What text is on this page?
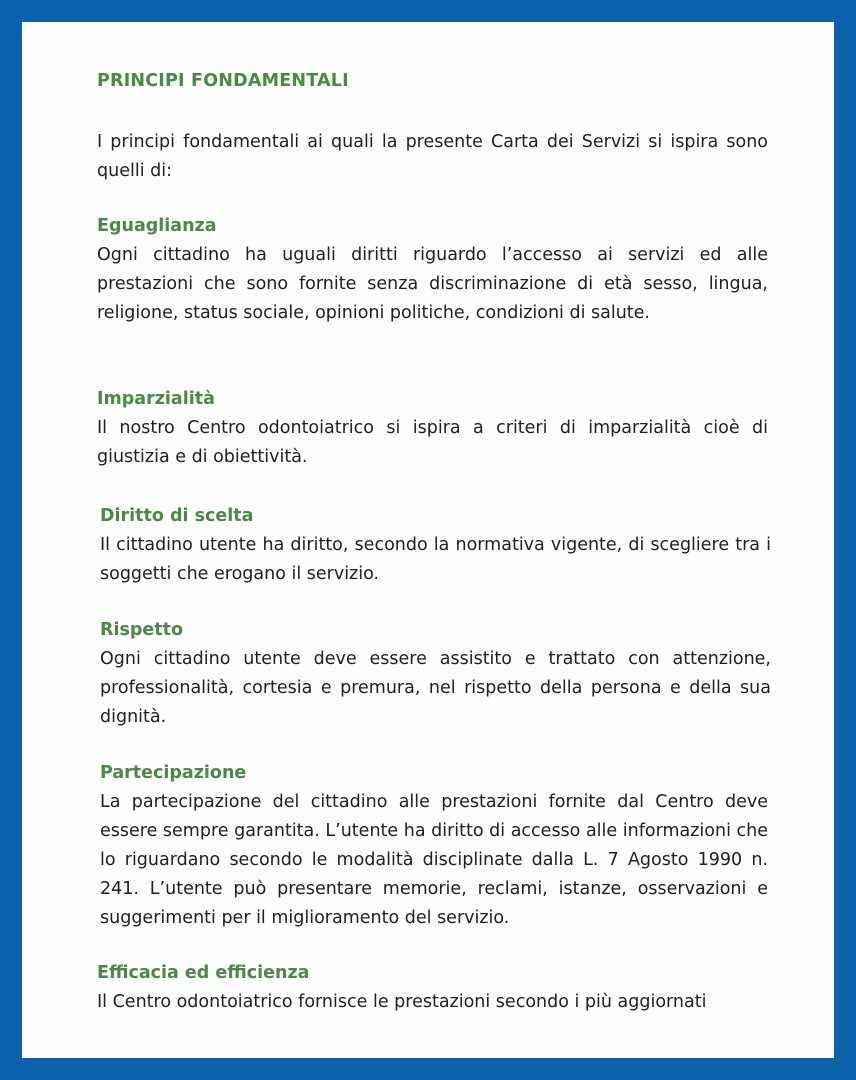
PRINCIPI FONDAMENTALI

I principi fondamentali ai quali la presente Carta dei Servizi si ispira sono quelli di:

Eguaglianza

Ogni cittadino ha uguali diritti riguardo l’accesso ai servizi ed alle prestazioni che sono fornite senza discriminazione di età sesso, lingua, religione, status sociale, opinioni politiche, condizioni di salute.

Imparzialità

Il nostro Centro odontoiatrico si ispira a criteri di imparzialità cioè di giustizia e di obiettività.

Diritto di scelta

Il cittadino utente ha diritto, secondo la normativa vigente, di scegliere tra i soggetti che erogano il servizio.

Rispetto

Ogni cittadino utente deve essere assistito e trattato con attenzione, professionalità, cortesia e premura, nel rispetto della persona e della sua dignità.

Partecipazione

La partecipazione del cittadino alle prestazioni fornite dal Centro deve essere sempre garantita. L’utente ha diritto di accesso alle informazioni che lo riguardano secondo le modalità disciplinate dalla L. 7 Agosto 1990 n. 241. L’utente può presentare memorie, reclami, istanze, osservazioni e suggerimenti per il miglioramento del servizio.

Efficacia ed efficienza

Il Centro odontoiatrico fornisce le prestazioni secondo i più aggiornati
